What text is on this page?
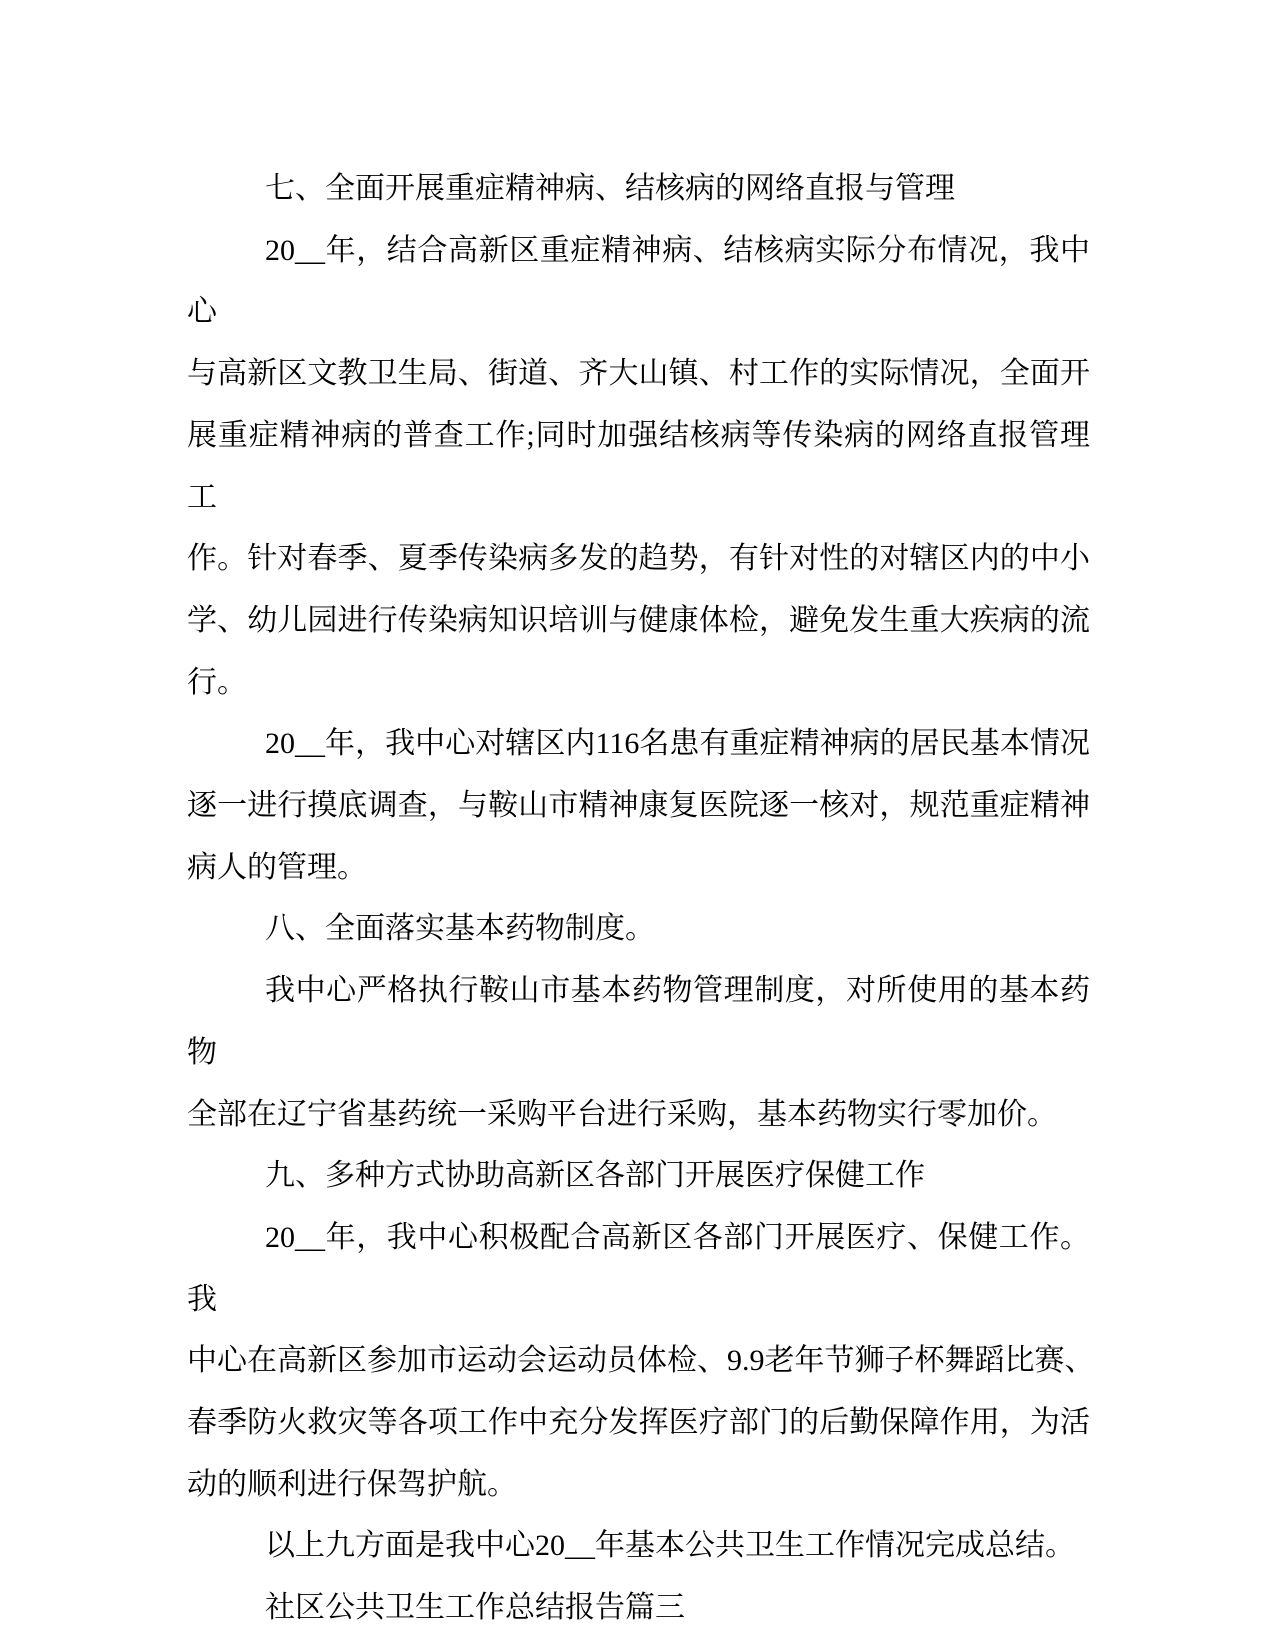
七、全面开展重症精神病、结核病的网络直报与管理
20__年，结合高新区重症精神病、结核病实际分布情况，我中心
与高新区文教卫生局、街道、齐大山镇、村工作的实际情况，全面开
展重症精神病的普查工作;同时加强结核病等传染病的网络直报管理工
作。针对春季、夏季传染病多发的趋势，有针对性的对辖区内的中小
学、幼儿园进行传染病知识培训与健康体检，避免发生重大疾病的流
行。
20__年，我中心对辖区内116名患有重症精神病的居民基本情况
逐一进行摸底调查，与鞍山市精神康复医院逐一核对，规范重症精神
病人的管理。
八、全面落实基本药物制度。
我中心严格执行鞍山市基本药物管理制度，对所使用的基本药物
全部在辽宁省基药统一采购平台进行采购，基本药物实行零加价。
九、多种方式协助高新区各部门开展医疗保健工作
20__年，我中心积极配合高新区各部门开展医疗、保健工作。我
中心在高新区参加市运动会运动员体检、9.9老年节狮子杯舞蹈比赛、
春季防火救灾等各项工作中充分发挥医疗部门的后勤保障作用，为活
动的顺利进行保驾护航。
以上九方面是我中心20__年基本公共卫生工作情况完成总结。
社区公共卫生工作总结报告篇三
